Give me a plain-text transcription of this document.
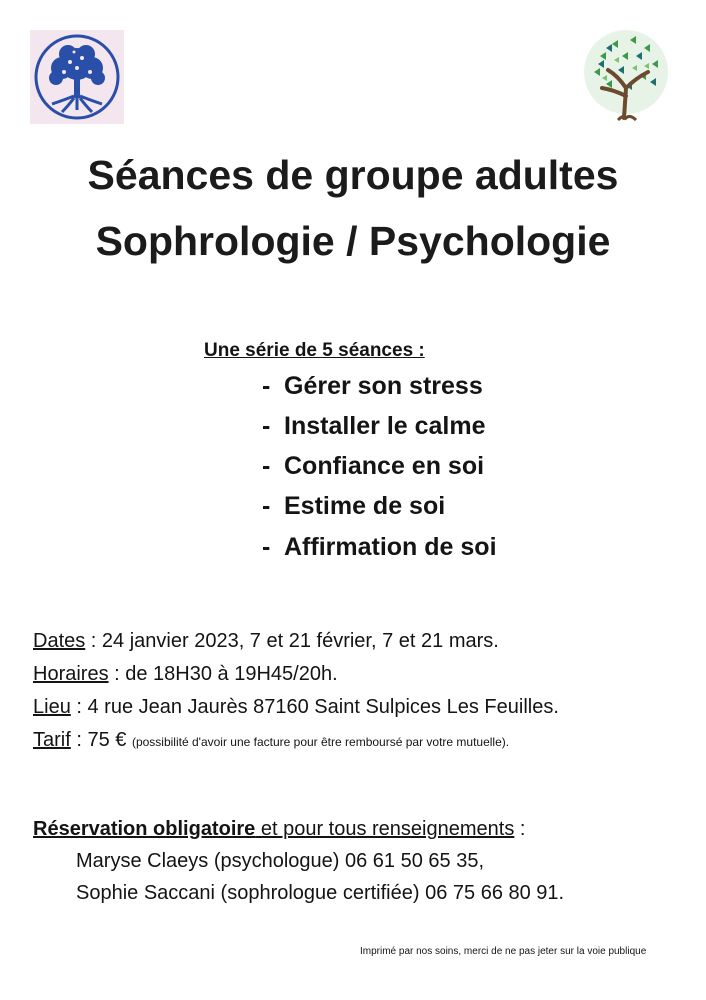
Séances de groupe adultes
Sophrologie / Psychologie
Une série de 5 séances :
- Gérer son stress
- Installer le calme
- Confiance en soi
- Estime de soi
- Affirmation de soi
Dates : 24 janvier 2023, 7 et 21 février, 7 et 21 mars.
Horaires : de 18H30 à 19H45/20h.
Lieu : 4 rue Jean Jaurès 87160 Saint Sulpices Les Feuilles.
Tarif : 75 € (possibilité d'avoir une facture pour être remboursé par votre mutuelle).
Réservation obligatoire et pour tous renseignements :
Maryse Claeys (psychologue) 06 61 50 65 35,
Sophie Saccani (sophrologue certifiée) 06 75 66 80 91.
Imprimé par nos soins, merci de ne pas jeter sur la voie publique
